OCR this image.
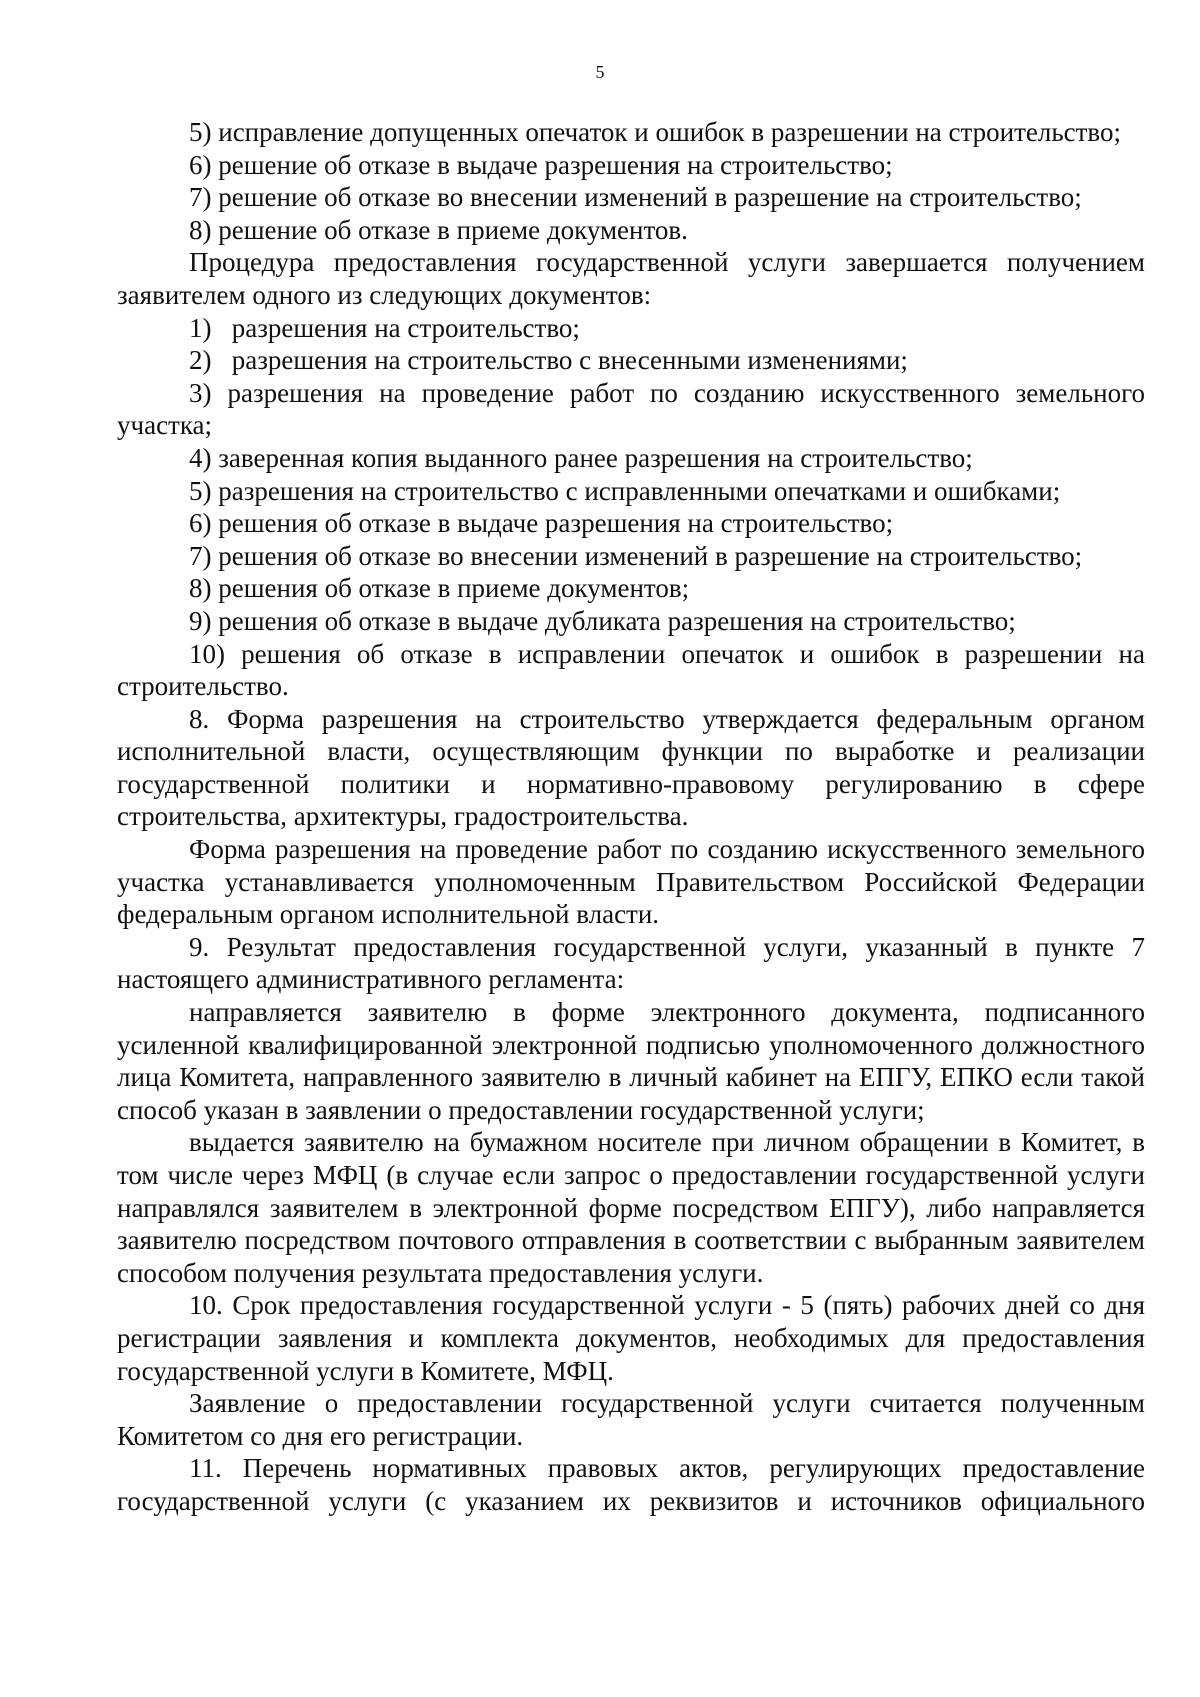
5

5) исправление допущенных опечаток и ошибок в разрешении на строительство;

6) решение об отказе в выдаче разрешения на строительство;

7) решение об отказе во внесении изменений в разрешение на строительство;

8) решение об отказе в приеме документов.

Процедура предоставления государственной услуги завершается получением заявителем одного из следующих документов:

1)  разрешения на строительство;

2)  разрешения на строительство с внесенными изменениями;

3) разрешения на проведение работ по созданию искусственного земельного участка;

4) заверенная копия выданного ранее разрешения на строительство;

5) разрешения на строительство с исправленными опечатками и ошибками;

6) решения об отказе в выдаче разрешения на строительство;

7) решения об отказе во внесении изменений в разрешение на строительство;

8) решения об отказе в приеме документов;

9) решения об отказе в выдаче дубликата разрешения на строительство;

10) решения об отказе в исправлении опечаток и ошибок в разрешении на строительство.

8. Форма разрешения на строительство утверждается федеральным органом исполнительной власти, осуществляющим функции по выработке и реализации государственной политики и нормативно-правовому регулированию в сфере строительства, архитектуры, градостроительства.

Форма разрешения на проведение работ по созданию искусственного земельного участка устанавливается уполномоченным Правительством Российской Федерации федеральным органом исполнительной власти.

9. Результат предоставления государственной услуги, указанный в пункте 7 настоящего административного регламента:

направляется заявителю в форме электронного документа, подписанного усиленной квалифицированной электронной подписью уполномоченного должностного лица Комитета, направленного заявителю в личный кабинет на ЕПГУ, ЕПКО если такой способ указан в заявлении о предоставлении государственной услуги;

выдается заявителю на бумажном носителе при личном обращении в Комитет, в том числе через МФЦ (в случае если запрос о предоставлении государственной услуги направлялся заявителем в электронной форме посредством ЕПГУ), либо направляется заявителю посредством почтового отправления в соответствии с выбранным заявителем способом получения результата предоставления услуги.

10. Срок предоставления государственной услуги - 5 (пять) рабочих дней со дня регистрации заявления и комплекта документов, необходимых для предоставления государственной услуги в Комитете, МФЦ.

Заявление о предоставлении государственной услуги считается полученным Комитетом со дня его регистрации.

11. Перечень нормативных правовых актов, регулирующих предоставление государственной услуги (с указанием их реквизитов и источников официального
